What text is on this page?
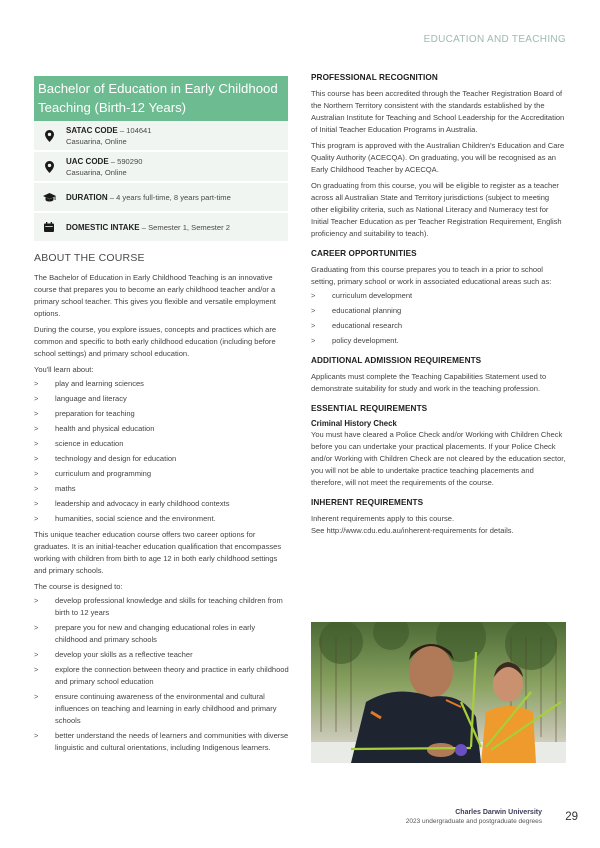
EDUCATION AND TEACHING
Bachelor of Education in Early Childhood Teaching (Birth-12 Years)
SATAC CODE – 104641
Casuarina, Online
UAC CODE – 590290
Casuarina, Online
DURATION – 4 years full-time, 8 years part-time
DOMESTIC INTAKE – Semester 1, Semester 2
ABOUT THE COURSE

The Bachelor of Education in Early Childhood Teaching is an innovative course that prepares you to become an early childhood teacher and/or a primary school teacher. This gives you flexible and versatile employment options.

During the course, you explore issues, concepts and practices which are common and specific to both early childhood education (including before school settings) and primary school education.

You'll learn about:

> play and learning sciences
> language and literacy
> preparation for teaching
> health and physical education
> science in education
> technology and design for education
> curriculum and programming
> maths
> leadership and advocacy in early childhood contexts
> humanities, social science and the environment.

This unique teacher education course offers two career options for graduates. It is an initial-teacher education qualification that encompasses working with children from birth to age 12 in both early childhood settings and primary schools.

The course is designed to:

> develop professional knowledge and skills for teaching children from birth to 12 years
> prepare you for new and changing educational roles in early childhood and primary schools
> develop your skills as a reflective teacher
> explore the connection between theory and practice in early childhood and primary school education
> ensure continuing awareness of the environmental and cultural influences on teaching and learning in early childhood and primary schools
> better understand the needs of learners and communities with diverse linguistic and cultural orientations, including Indigenous learners.
PROFESSIONAL RECOGNITION

This course has been accredited through the Teacher Registration Board of the Northern Territory consistent with the standards established by the Australian Institute for Teaching and School Leadership for the Accreditation of Initial Teacher Education Programs in Australia.

This program is approved with the Australian Children's Education and Care Quality Authority (ACECQA). On graduating, you will be recognised as an Early Childhood Teacher by ACECQA.

On graduating from this course, you will be eligible to register as a teacher across all Australian State and Territory jurisdictions (subject to meeting other eligibility criteria, such as National Literacy and Numeracy test for Initial Teacher Education as per Teacher Registration Requirement, English proficiency and suitability to teach).

CAREER OPPORTUNITIES

Graduating from this course prepares you to teach in a prior to school setting, primary school or work in associated educational areas such as:

> curriculum development
> educational planning
> educational research
> policy development.
ADDITIONAL ADMISSION REQUIREMENTS

Applicants must complete the Teaching Capabilities Statement used to demonstrate suitability for study and work in the teaching profession.

ESSENTIAL REQUIREMENTS
Criminal History Check

You must have cleared a Police Check and/or Working with Children Check before you can undertake your practical placements. If your Police Check and/or Working with Children Check are not cleared by the education sector, you will not be able to undertake practice teaching placements and therefore, will not meet the requirements of the course.

INHERENT REQUIREMENTS

Inherent requirements apply to this course.
See http://www.cdu.edu.au/inherent-requirements for details.

Charles Darwin University
2023 undergraduate and postgraduate degrees 29
